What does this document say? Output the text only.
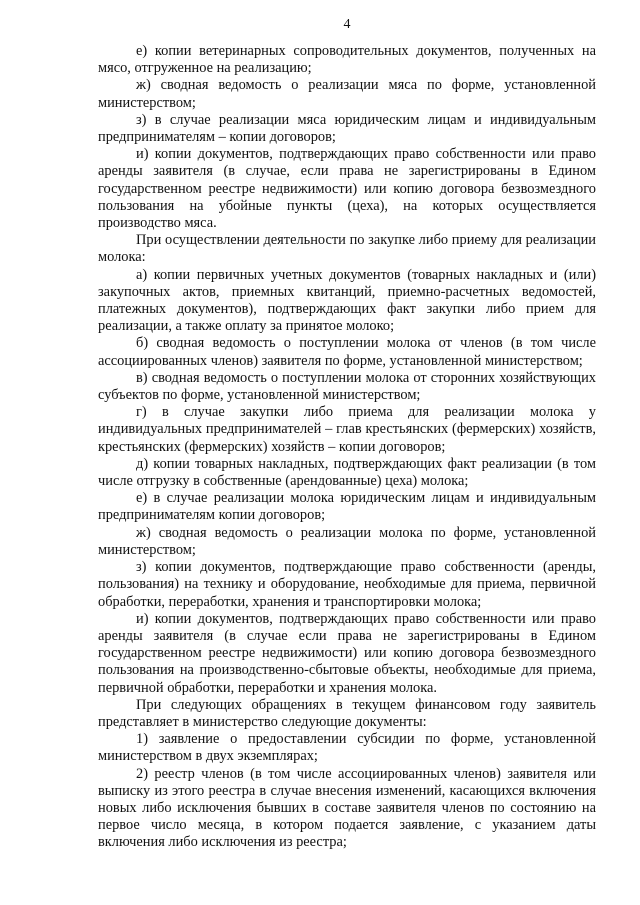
4

е) копии ветеринарных сопроводительных документов, полученных на мясо, отгруженное на реализацию;

ж) сводная ведомость о реализации мяса по форме, установленной министерством;

з) в случае реализации мяса юридическим лицам и индивидуальным предпринимателям – копии договоров;

и) копии документов, подтверждающих право собственности или право аренды заявителя (в случае, если права не зарегистрированы в Едином государственном реестре недвижимости) или копию договора безвозмездного пользования на убойные пункты (цеха), на которых осуществляется производство мяса.

При осуществлении деятельности по закупке либо приему для реализации молока:

а) копии первичных учетных документов (товарных накладных и (или) закупочных актов, приемных квитанций, приемно-расчетных ведомостей, платежных документов), подтверждающих факт закупки либо прием для реализации, а также оплату за принятое молоко;

б) сводная ведомость о поступлении молока от членов (в том числе ассоциированных членов) заявителя по форме, установленной министерством;

в) сводная ведомость о поступлении молока от сторонних хозяйствующих субъектов по форме, установленной министерством;

г) в случае закупки либо приема для реализации молока у индивидуальных предпринимателей – глав крестьянских (фермерских) хозяйств, крестьянских (фермерских) хозяйств – копии договоров;

д) копии товарных накладных, подтверждающих факт реализации (в том числе отгрузку в собственные (арендованные) цеха) молока;

е) в случае реализации молока юридическим лицам и индивидуальным предпринимателям копии договоров;

ж) сводная ведомость о реализации молока по форме, установленной министерством;

з) копии документов, подтверждающие право собственности (аренды, пользования) на технику и оборудование, необходимые для приема, первичной обработки, переработки, хранения и транспортировки молока;

и) копии документов, подтверждающих право собственности или право аренды заявителя (в случае если права не зарегистрированы в Едином государственном реестре недвижимости) или копию договора безвозмездного пользования на производственно-сбытовые объекты, необходимые для приема, первичной обработки, переработки и хранения молока.

При следующих обращениях в текущем финансовом году заявитель представляет в министерство следующие документы:

1) заявление о предоставлении субсидии по форме, установленной министерством в двух экземплярах;

2) реестр членов (в том числе ассоциированных членов) заявителя или выписку из этого реестра в случае внесения изменений, касающихся включения новых либо исключения бывших в составе заявителя членов по состоянию на первое число месяца, в котором подается заявление, с указанием даты включения либо исключения из реестра;
